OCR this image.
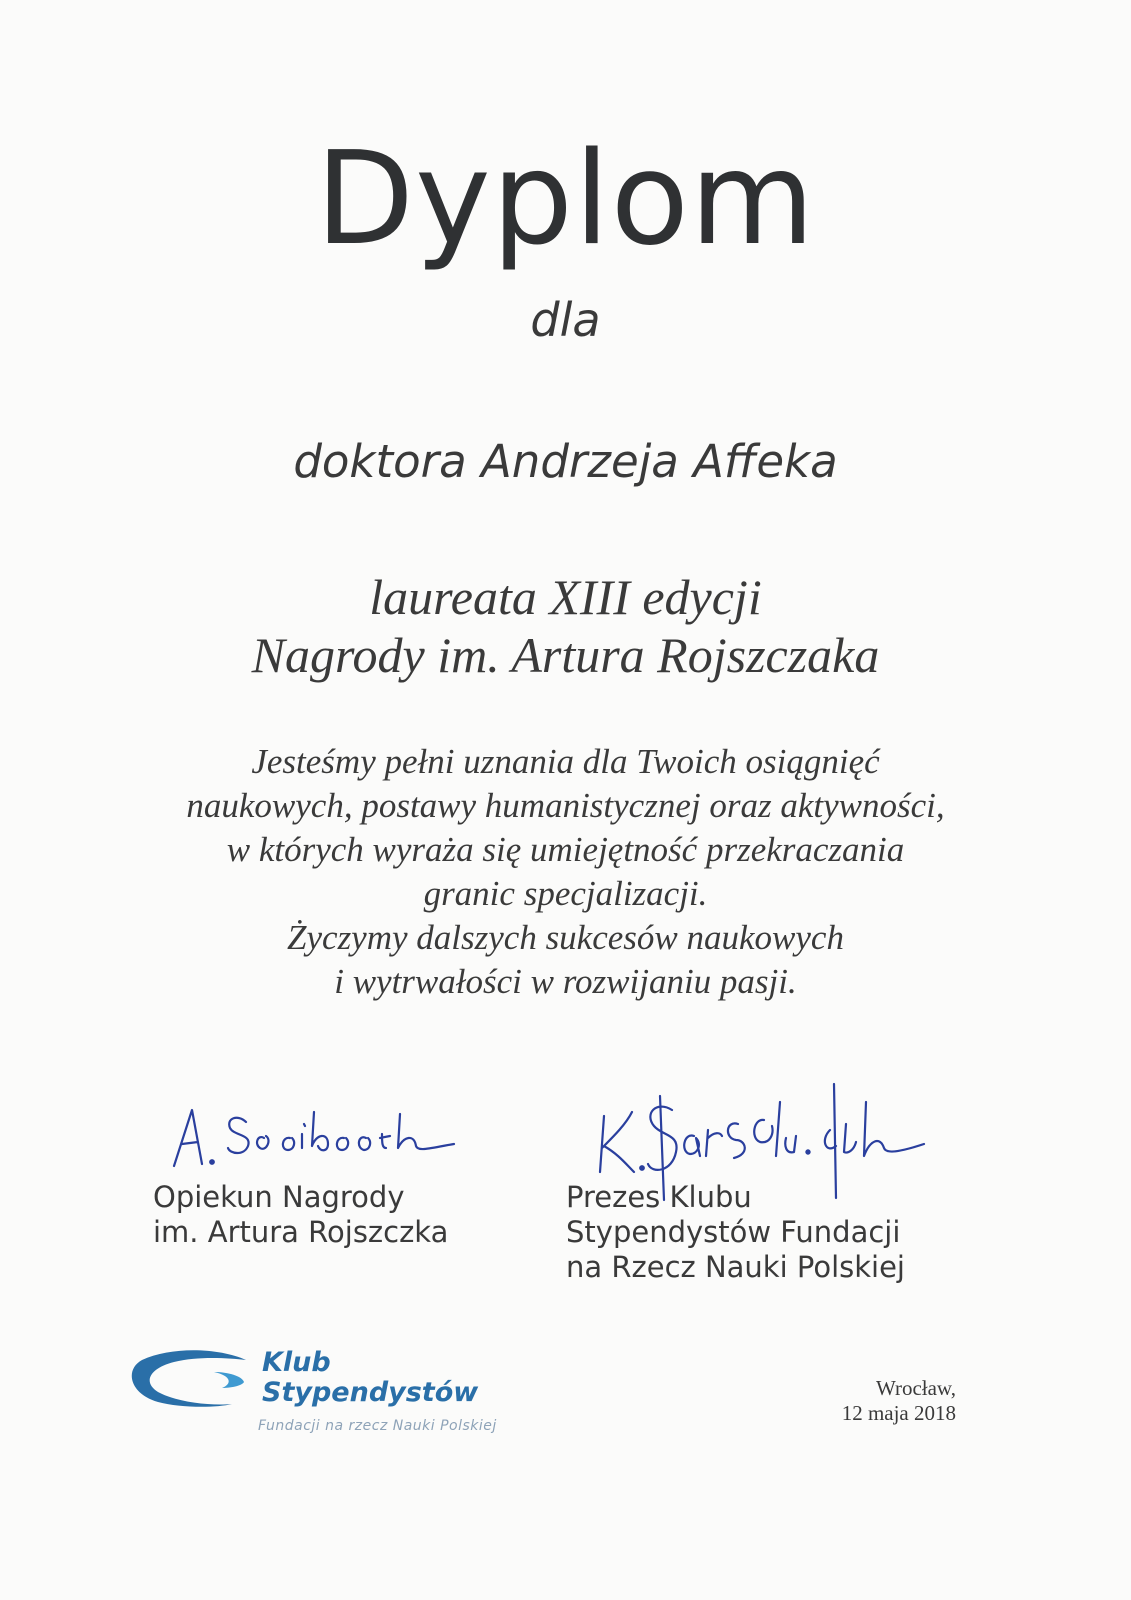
Dyplom
dla
doktora Andrzeja Affeka
laureata XIII edycji
Nagrody im. Artura Rojszczaka
Jesteśmy pełni uznania dla Twoich osiągnięć
naukowych, postawy humanistycznej oraz aktywności,
w których wyraża się umiejętność przekraczania
granic specjalizacji.
Życzymy dalszych sukcesów naukowych
i wytrwałości w rozwijaniu pasji.
Opiekun Nagrody
im. Artura Rojszczka
Prezes Klubu
Stypendystów Fundacji
na Rzecz Nauki Polskiej
Klub
Stypendystów
Fundacji na rzecz Nauki Polskiej
Wrocław,
12 maja 2018
